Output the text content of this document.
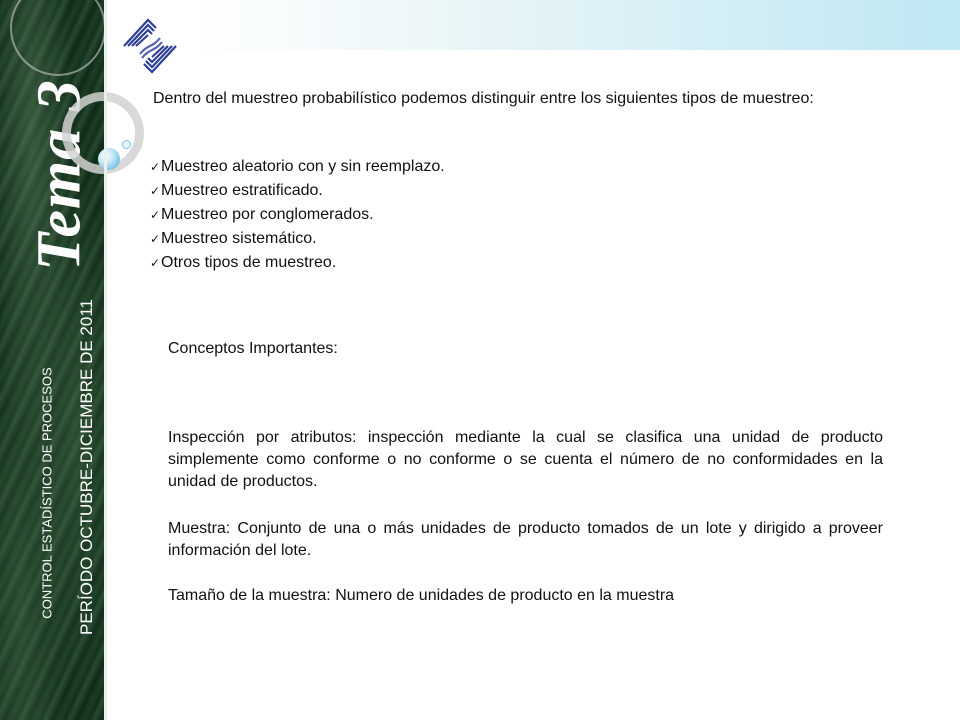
Tema 3
PERÍODO OCTUBRE-DICIEMBRE DE 2011
CONTROL ESTADÍSTICO DE PROCESOS
Dentro del muestreo probabilístico podemos distinguir entre los siguientes tipos de muestreo:
✓ Muestreo aleatorio con y sin reemplazo.
✓ Muestreo estratificado.
✓ Muestreo por conglomerados.
✓ Muestreo sistemático.
✓ Otros tipos de muestreo.
Conceptos Importantes:
Inspección por atributos: inspección mediante la cual se clasifica una unidad de producto simplemente como conforme o no conforme o se cuenta el número de no conformidades en la unidad de productos.
Muestra: Conjunto de una o más unidades de producto tomados de un lote y dirigido a proveer información del lote.
Tamaño de la muestra: Numero de unidades de producto en la muestra
